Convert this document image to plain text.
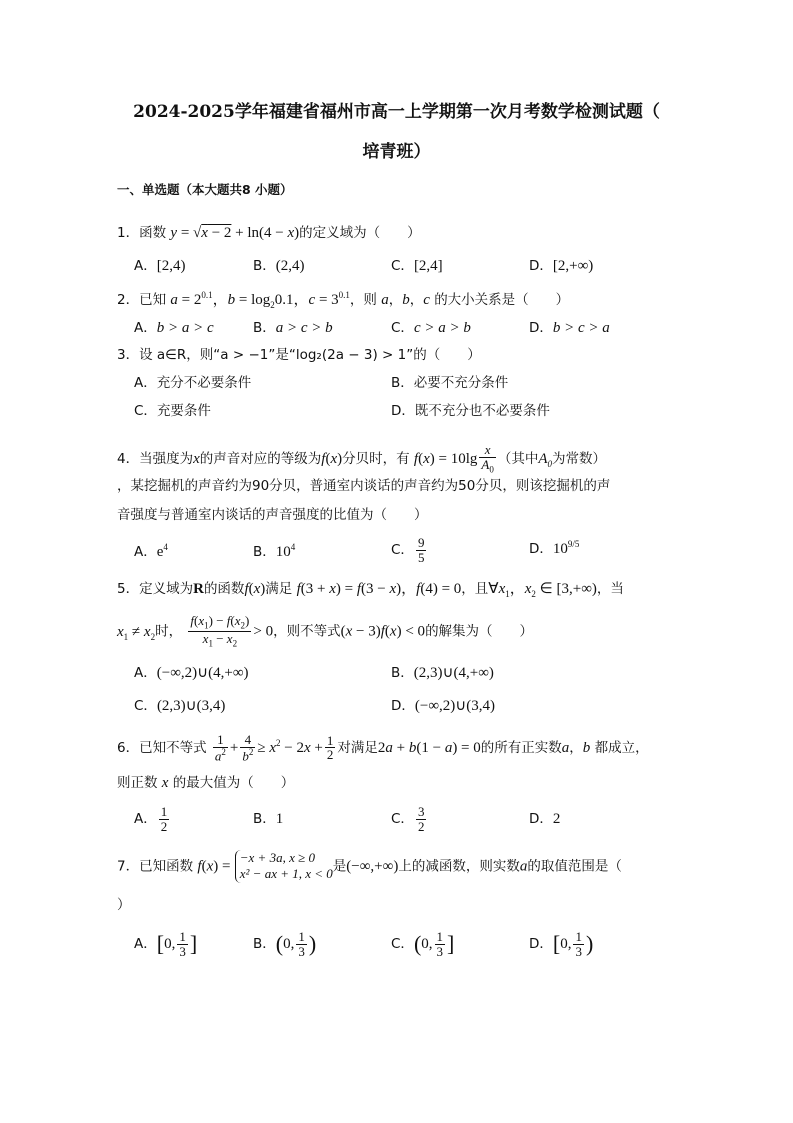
2024-2025学年福建省福州市高一上学期第一次月考数学检测试题（
培青班）
一、单选题（本大题共8 小题）
1．函数 y = √x − 2 + ln(4 − x)的定义域为（　　）
A．[2,4)	B．(2,4)	C．[2,4]	D．[2,+∞)
2．已知 $a = 2^{0.1}$，$b = \log_20.1$，$c = 3^{0.1}$，则 a，b，c 的大小关系是（　　）
A．b > a > c	B．a > c > b	C．c > a > b	D．b > c > a
3．设 a∈R，则“a > −1”是“log₂(2a − 3) > 1”的（　　）
A．充分不必要条件	B．必要不充分条件
C．充要条件	D．既不充分也不必要条件
4．当强度为x的声音对应的等级为f(x)分贝时，有 $f(x) = 10\lg \frac{x}{A_0}$ （其中$A_0$为常数）
，某挖掘机的声音约为90分贝，普通室内谈话的声音约为50分贝，则该挖掘机的声
音强度与普通室内谈话的声音强度的比值为（　　）
A．$e^4$	B．$10^4$	C． $\frac{9}{5}$	D．$10^{9/5}$
5．定义域为R的函数f(x)满足 f(3 + x) = f(3 − x)，f(4) = 0，且$\forall x_1$，$x_2$ ∈ [3,+∞)，当
$x_1 \ne x_2$时， $\frac{f(x_1) - f(x_2)}{x_1 - x_2} > 0$，则不等式(x − 3)f(x) < 0的解集为（　　）
A．(−∞,2)∪(4,+∞)	B．(2,3)∪(4,+∞)
C．(2,3)∪(3,4)	D．(−∞,2)∪(3,4)
6．已知不等式 $\frac{1}{a^2} + \frac{4}{b^2} \ge x^2 - 2x + \frac{1}{2}$ 对满足2a + b(1 − a) = 0的所有正实数a，b 都成立，
则正数 x 的最大值为（　　）
A． $\frac{1}{2}$	B．1	C． $\frac{3}{2}$	D．2
7．已知函数 f(x) =
−x + 3a, x ≥ 0
x² − ax + 1, x < 0 是(−∞,+∞)上的减函数，则实数a的取值范围是（
）
A．[0, $\frac{1}{3}$ ]	B．(0, $\frac{1}{3}$ )	C．(0, $\frac{1}{3}$ ]	D．[0, $\frac{1}{3}$ )
